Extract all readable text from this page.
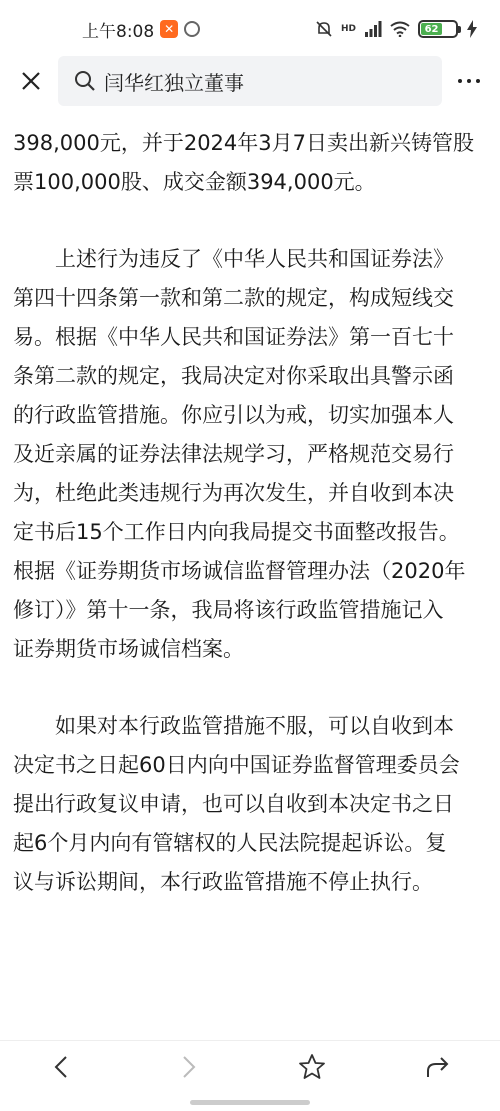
上午8:08 ✕	HD	62
闫华红独立董事

398,000元，并于2024年3月7日卖出新兴铸管股
票100,000股、成交金额394,000元。

　　上述行为违反了《中华人民共和国证券法》
第四十四条第一款和第二款的规定，构成短线交
易。根据《中华人民共和国证券法》第一百七十
条第二款的规定，我局决定对你采取出具警示函
的行政监管措施。你应引以为戒，切实加强本人
及近亲属的证券法律法规学习，严格规范交易行
为，杜绝此类违规行为再次发生，并自收到本决
定书后15个工作日内向我局提交书面整改报告。
根据《证券期货市场诚信监督管理办法（2020年
修订）》第十一条，我局将该行政监管措施记入
证券期货市场诚信档案。

　　如果对本行政监管措施不服，可以自收到本
决定书之日起60日内向中国证券监督管理委员会
提出行政复议申请，也可以自收到本决定书之日
起6个月内向有管辖权的人民法院提起诉讼。复
议与诉讼期间，本行政监管措施不停止执行。
